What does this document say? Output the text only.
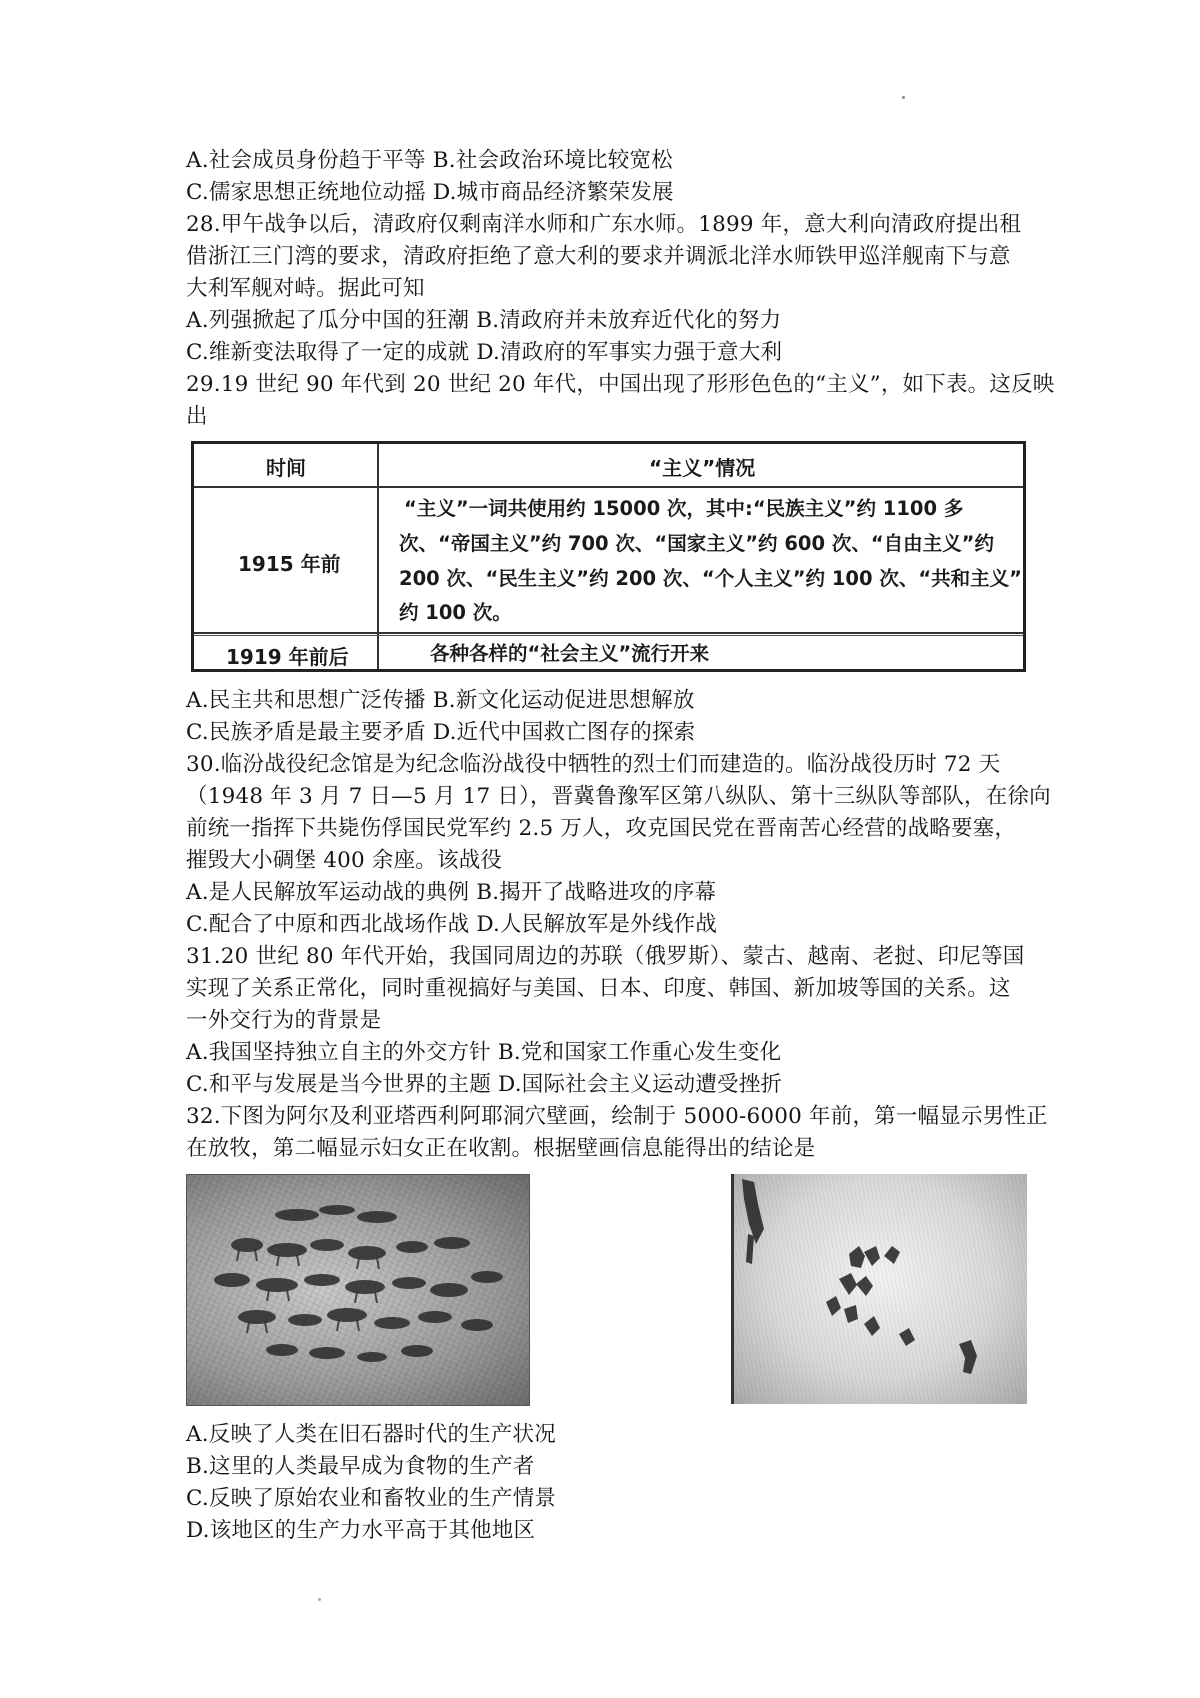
A.社会成员身份趋于平等 B.社会政治环境比较宽松
C.儒家思想正统地位动摇 D.城市商品经济繁荣发展
28.甲午战争以后，清政府仅剩南洋水师和广东水师。1899 年，意大利向清政府提出租
借浙江三门湾的要求，清政府拒绝了意大利的要求并调派北洋水师铁甲巡洋舰南下与意
大利军舰对峙。据此可知
A.列强掀起了瓜分中国的狂潮 B.清政府并未放弃近代化的努力
C.维新变法取得了一定的成就 D.清政府的军事实力强于意大利
29.19 世纪 90 年代到 20 世纪 20 年代，中国出现了形形色色的“主义”，如下表。这反映
出
时间	“主义”情况
1915 年前
“主义”一词共使用约 15000 次，其中:“民族主义”约 1100 多
次、“帝国主义”约 700 次、“国家主义”约 600 次、“自由主义”约
200 次、“民生主义”约 200 次、“个人主义”约 100 次、“共和主义”
约 100 次。
1919 年前后	各种各样的“社会主义”流行开来
A.民主共和思想广泛传播 B.新文化运动促进思想解放
C.民族矛盾是最主要矛盾 D.近代中国救亡图存的探索
30.临汾战役纪念馆是为纪念临汾战役中牺牲的烈士们而建造的。临汾战役历时 72 天
（1948 年 3 月 7 日—5 月 17 日），晋冀鲁豫军区第八纵队、第十三纵队等部队，在徐向
前统一指挥下共毙伤俘国民党军约 2.5 万人，攻克国民党在晋南苦心经营的战略要塞，
摧毁大小碉堡 400 余座。该战役
A.是人民解放军运动战的典例 B.揭开了战略进攻的序幕
C.配合了中原和西北战场作战 D.人民解放军是外线作战
31.20 世纪 80 年代开始，我国同周边的苏联（俄罗斯）、蒙古、越南、老挝、印尼等国
实现了关系正常化，同时重视搞好与美国、日本、印度、韩国、新加坡等国的关系。这
一外交行为的背景是
A.我国坚持独立自主的外交方针 B.党和国家工作重心发生变化
C.和平与发展是当今世界的主题 D.国际社会主义运动遭受挫折
32.下图为阿尔及利亚塔西利阿耶洞穴壁画，绘制于 5000-6000 年前，第一幅显示男性正
在放牧，第二幅显示妇女正在收割。根据壁画信息能得出的结论是
A.反映了人类在旧石器时代的生产状况
B.这里的人类最早成为食物的生产者
C.反映了原始农业和畜牧业的生产情景
D.该地区的生产力水平高于其他地区
